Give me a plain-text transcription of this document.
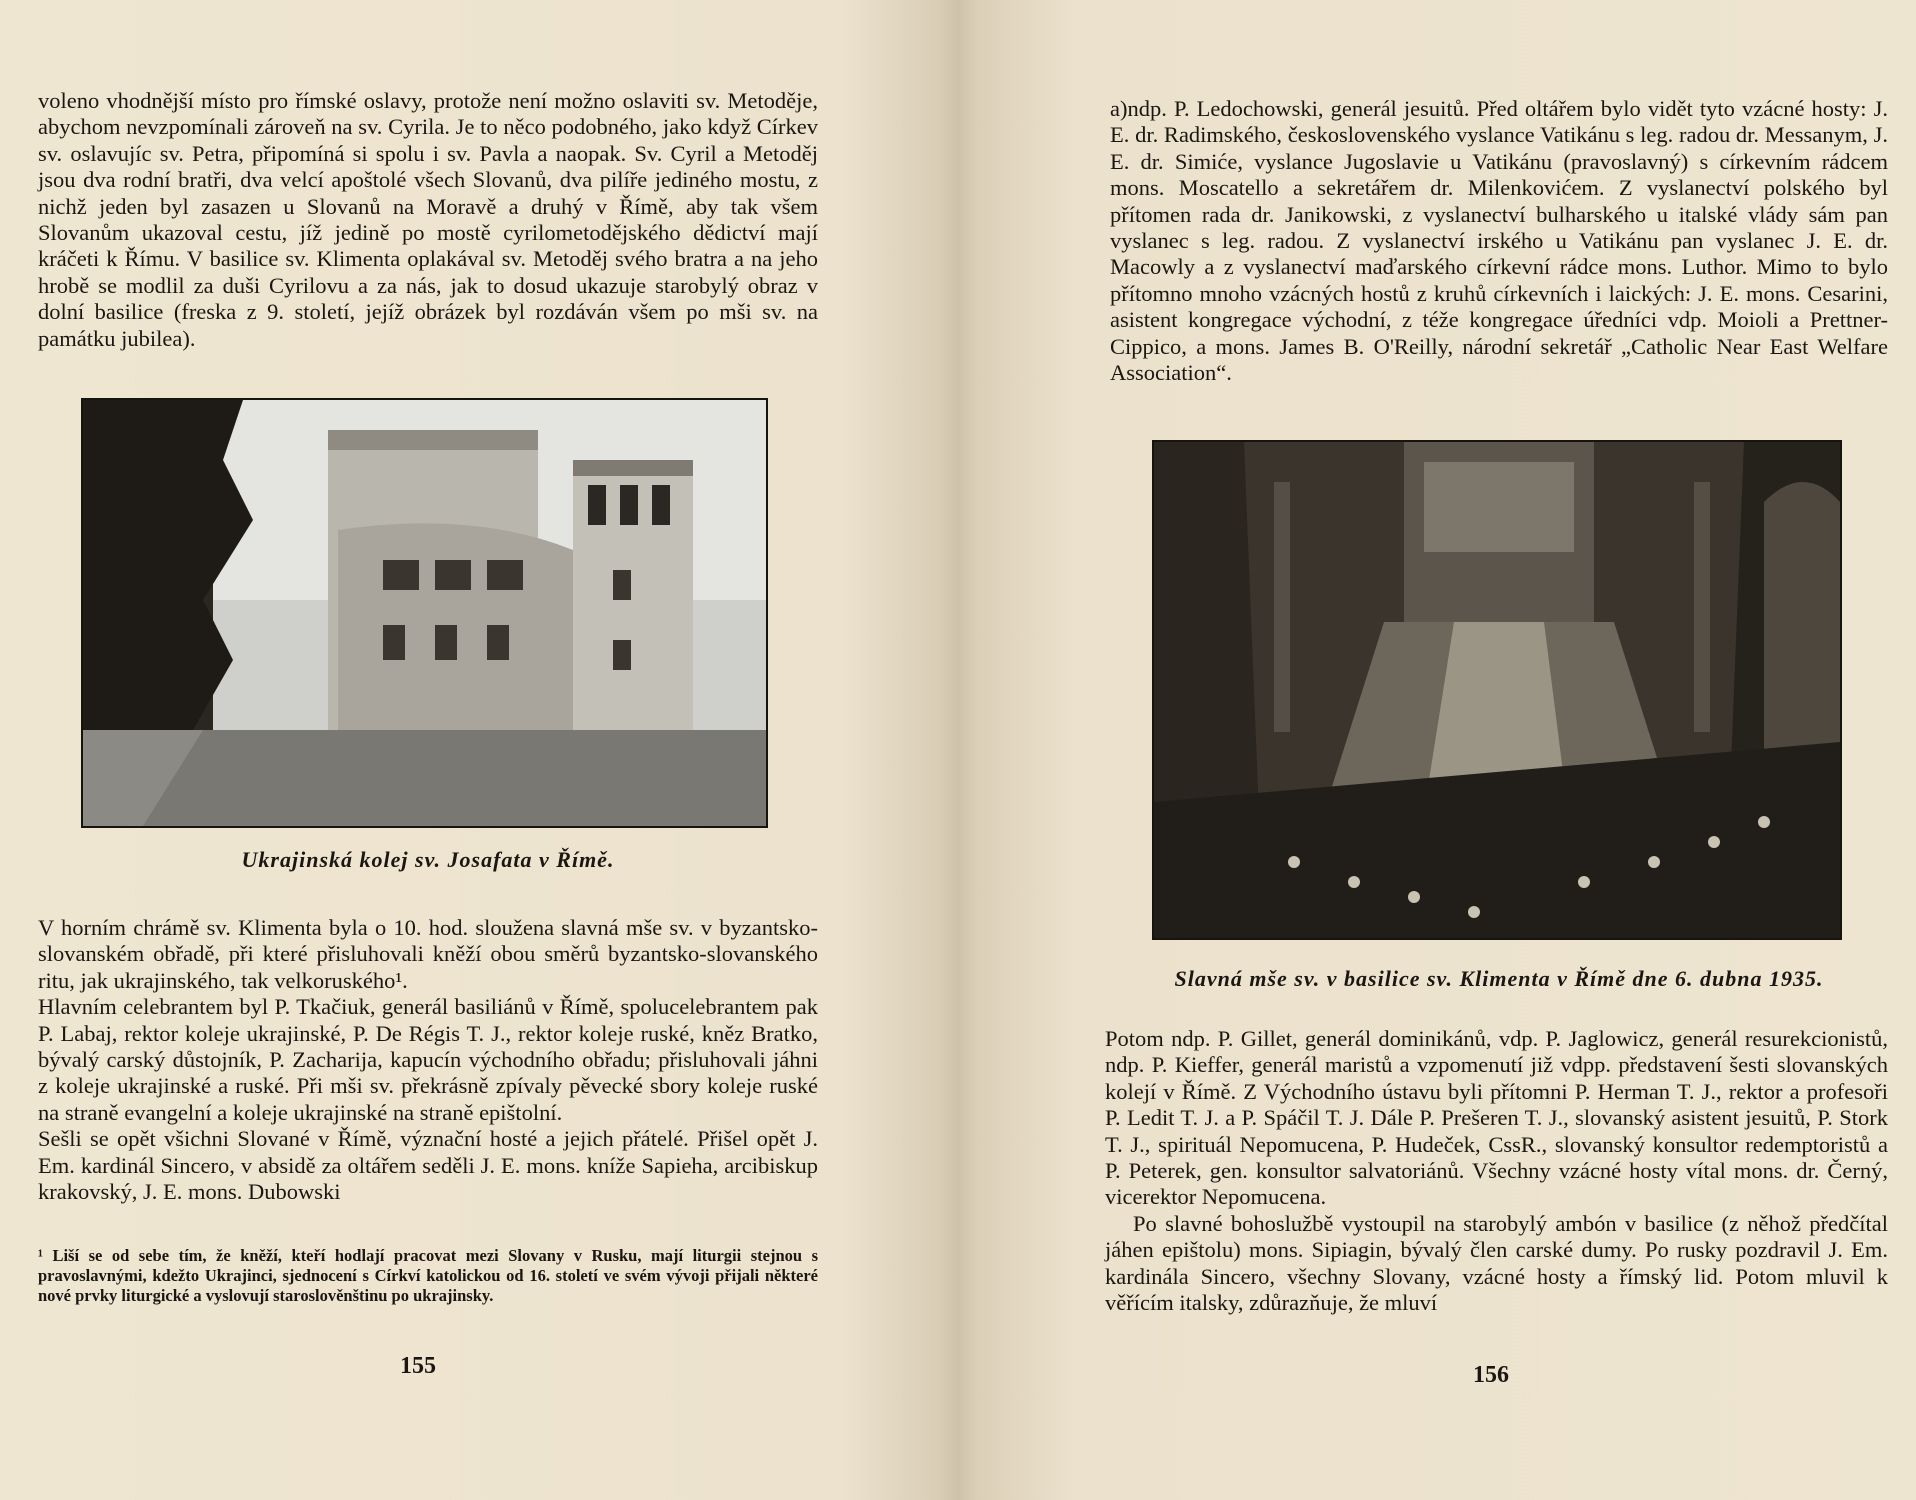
voleno vhodnější místo pro římské oslavy, protože není možno oslaviti sv. Metoděje, abychom nevzpomínali zároveň na sv. Cyrila. Je to něco podobného, jako když Církev sv. oslavujíc sv. Petra, připomíná si spolu i sv. Pavla a naopak. Sv. Cyril a Metoděj jsou dva rodní bratři, dva velcí apoštolé všech Slovanů, dva pilíře jediného mostu, z nichž jeden byl zasazen u Slovanů na Moravě a druhý v Římě, aby tak všem Slovanům ukazoval cestu, jíž jedině po mostě cyrilometodějského dědictví mají kráčeti k Římu. V basilice sv. Klimenta oplakával sv. Metoděj svého bratra a na jeho hrobě se modlil za duši Cyrilovu a za nás, jak to dosud ukazuje starobylý obraz v dolní basilice (freska z 9. století, jejíž obrázek byl rozdáván všem po mši sv. na památku jubilea).

Ukrajinská kolej sv. Josafata v Římě.

V horním chrámě sv. Klimenta byla o 10. hod. sloužena slavná mše sv. v byzantsko-slovanském obřadě, při které přisluhovali kněží obou směrů byzantsko-slovanského ritu, jak ukrajinského, tak velkoruského¹.

Hlavním celebrantem byl P. Tkačiuk, generál basiliánů v Římě, spolucelebrantem pak P. Labaj, rektor koleje ukrajinské, P. De Régis T. J., rektor koleje ruské, kněz Bratko, bývalý carský důstojník, P. Zacharija, kapucín východního obřadu; přisluhovali jáhni z koleje ukrajinské a ruské. Při mši sv. překrásně zpívaly pěvecké sbory koleje ruské na straně evangelní a koleje ukrajinské na straně epištolní.

Sešli se opět všichni Slované v Římě, význační hosté a jejich přátelé. Přišel opět J. Em. kardinál Sincero, v absidě za oltářem seděli J. E. mons. kníže Sapieha, arcibiskup krakovský, J. E. mons. Dubowski

¹ Liší se od sebe tím, že kněží, kteří hodlají pracovat mezi Slovany v Rusku, mají liturgii stejnou s pravoslavnými, kdežto Ukrajinci, sjednocení s Církví katolickou od 16. století ve svém vývoji přijali některé nové prvky liturgické a vyslovují staroslověnštinu po ukrajinsky.

155

a)ndp. P. Ledochowski, generál jesuitů. Před oltářem bylo vidět tyto vzácné hosty: J. E. dr. Radimského, československého vyslance Vatikánu s leg. radou dr. Messanym, J. E. dr. Simiće, vyslance Jugoslavie u Vatikánu (pravoslavný) s církevním rádcem mons. Moscatello a sekretářem dr. Milenkovićem. Z vyslanectví polského byl přítomen rada dr. Janikowski, z vyslanectví bulharského u italské vlády sám pan vyslanec s leg. radou. Z vyslanectví irského u Vatikánu pan vyslanec J. E. dr. Macowly a z vyslanectví maďarského církevní rádce mons. Luthor. Mimo to bylo přítomno mnoho vzácných hostů z kruhů církevních i laických: J. E. mons. Cesarini, asistent kongregace východní, z téže kongregace úředníci vdp. Moioli a Prettner-Cippico, a mons. James B. O'Reilly, národní sekretář „Catholic Near East Welfare Association“.

Slavná mše sv. v basilice sv. Klimenta v Římě dne 6. dubna 1935.

Potom ndp. P. Gillet, generál dominikánů, vdp. P. Jaglowicz, generál resurekcionistů, ndp. P. Kieffer, generál maristů a vzpomenutí již vdpp. představení šesti slovanských kolejí v Římě. Z Východního ústavu byli přítomni P. Herman T. J., rektor a profesoři P. Ledit T. J. a P. Spáčil T. J. Dále P. Prešeren T. J., slovanský asistent jesuitů, P. Stork T. J., spirituál Nepomucena, P. Hudeček, CssR., slovanský konsultor redemptoristů a P. Peterek, gen. konsultor salvatoriánů. Všechny vzácné hosty vítal mons. dr. Černý, vicerektor Nepomucena.

Po slavné bohoslužbě vystoupil na starobylý ambón v basilice (z něhož předčítal jáhen epištolu) mons. Sipiagin, bývalý člen carské dumy. Po rusky pozdravil J. Em. kardinála Sincero, všechny Slovany, vzácné hosty a římský lid. Potom mluvil k věřícím italsky, zdůrazňuje, že mluví

156
